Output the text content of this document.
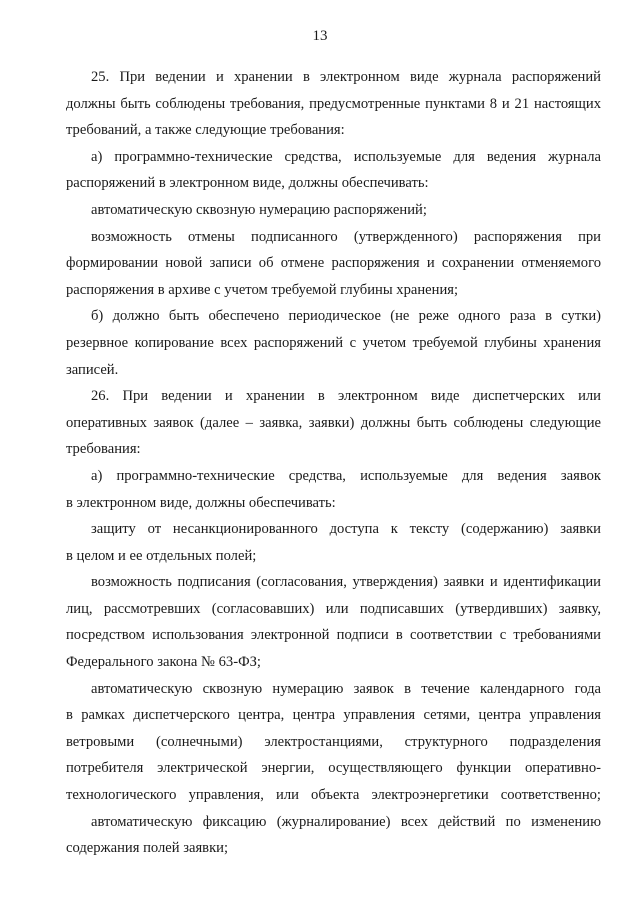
13

25. При ведении и хранении в электронном виде журнала распоряжений
должны быть соблюдены требования, предусмотренные пунктами 8 и 21 настоящих
требований, а также следующие требования:

а) программно-технические средства, используемые для ведения журнала
распоряжений в электронном виде, должны обеспечивать:

автоматическую сквозную нумерацию распоряжений;

возможность отмены подписанного (утвержденного) распоряжения при
формировании новой записи об отмене распоряжения и сохранении отменяемого
распоряжения в архиве с учетом требуемой глубины хранения;

б) должно быть обеспечено периодическое (не реже одного раза в сутки)
резервное копирование всех распоряжений с учетом требуемой глубины хранения
записей.

26. При ведении и хранении в электронном виде диспетчерских или
оперативных заявок (далее – заявка, заявки) должны быть соблюдены следующие
требования:

а) программно-технические средства, используемые для ведения заявок
в электронном виде, должны обеспечивать:

защиту от несанкционированного доступа к тексту (содержанию) заявки
в целом и ее отдельных полей;

возможность подписания (согласования, утверждения) заявки и идентификации
лиц, рассмотревших (согласовавших) или подписавших (утвердивших) заявку,
посредством использования электронной подписи в соответствии с требованиями
Федерального закона № 63-ФЗ;

автоматическую сквозную нумерацию заявок в течение календарного года
в рамках диспетчерского центра, центра управления сетями, центра управления
ветровыми (солнечными) электростанциями, структурного подразделения
потребителя электрической энергии, осуществляющего функции оперативно-
технологического управления, или объекта электроэнергетики соответственно;

автоматическую фиксацию (журналирование) всех действий по изменению
содержания полей заявки;
